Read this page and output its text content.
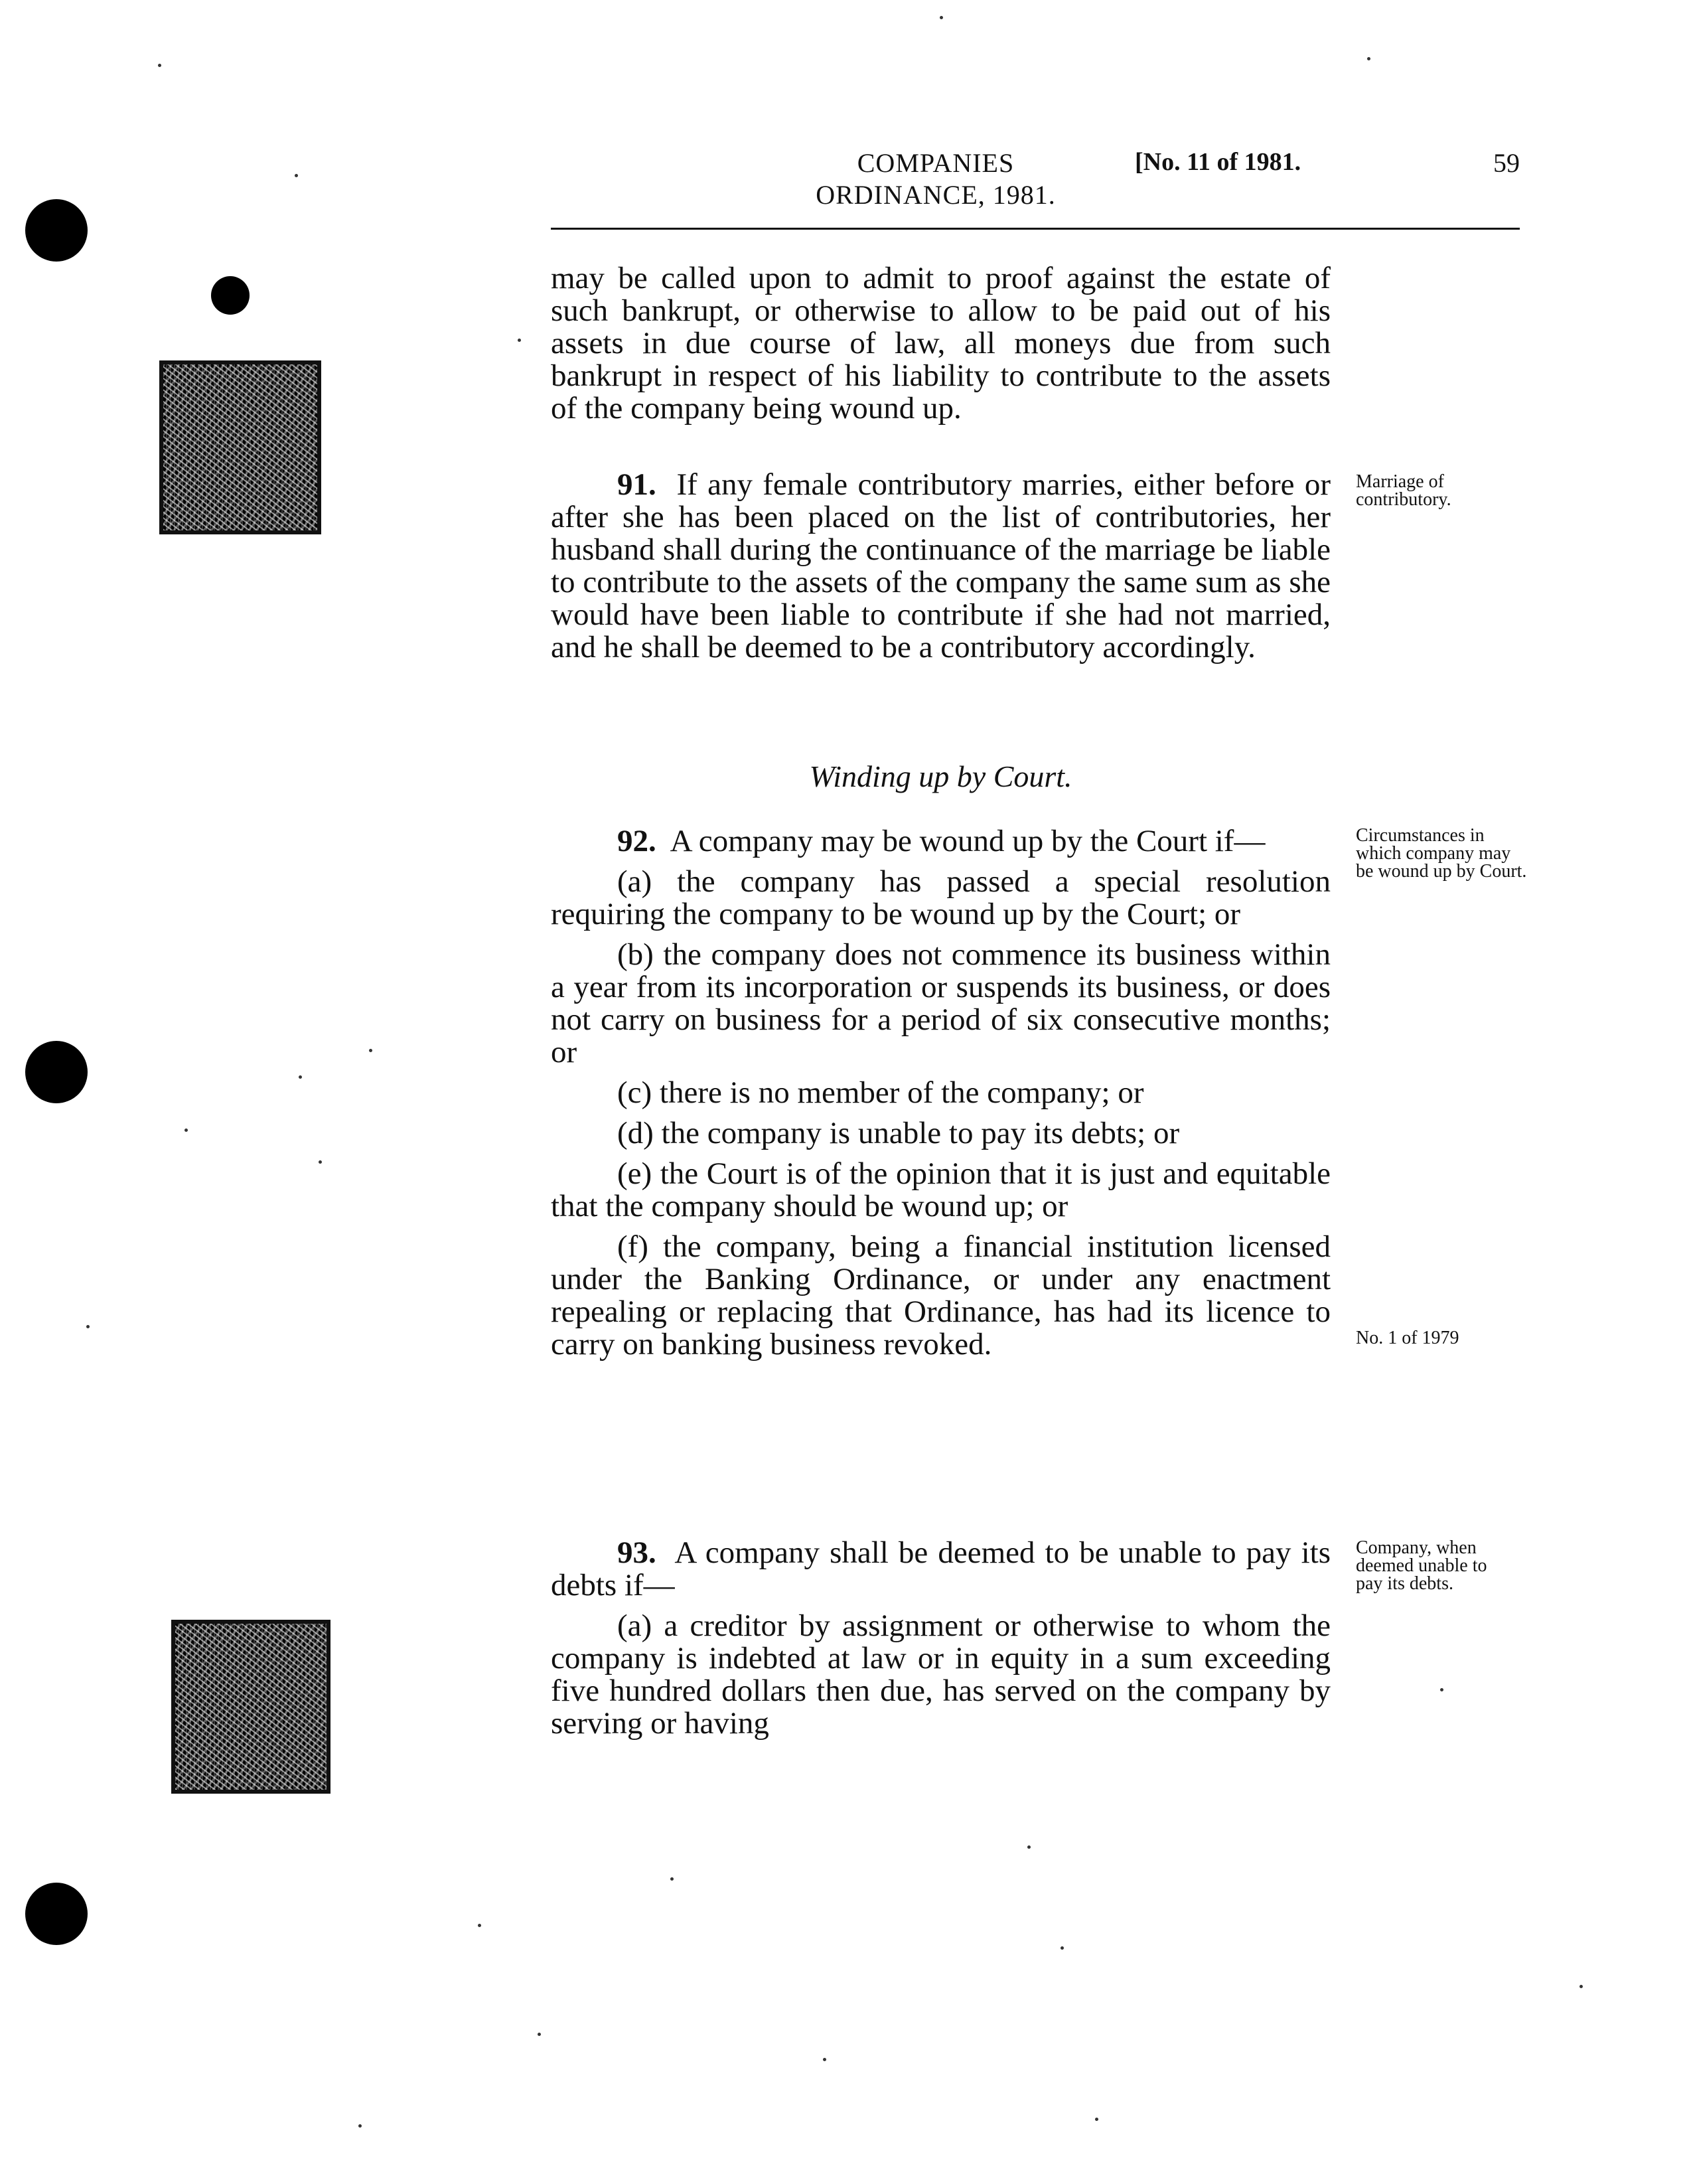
COMPANIES
ORDINANCE, 1981.
[No. 11 of 1981.	59

may be called upon to admit to proof against the estate of such bankrupt, or otherwise to allow to be paid out of his assets in due course of law, all moneys due from such bankrupt in respect of his liability to contribute to the assets of the company being wound up.

91. If any female contributory marries, either before or after she has been placed on the list of contributories, her husband shall during the continuance of the marriage be liable to contribute to the assets of the company the same sum as she would have been liable to contribute if she had not married, and he shall be deemed to be a contributory accordingly.

Marriage of contributory.
Winding up by Court.

92. A company may be wound up by the Court if—

(a) the company has passed a special resolution requiring the company to be wound up by the Court; or

(b) the company does not commence its business within a year from its incorporation or suspends its business, or does not carry on business for a period of six consecutive months; or

(c) there is no member of the company; or

(d) the company is unable to pay its debts; or

(e) the Court is of the opinion that it is just and equitable that the company should be wound up; or

(f) the company, being a financial institution licensed under the Banking Ordinance, or under any enactment repealing or replacing that Ordinance, has had its licence to carry on banking business revoked.

Circumstances in which company may be wound up by Court.
No. 1 of 1979

93. A company shall be deemed to be unable to pay its debts if—

(a) a creditor by assignment or otherwise to whom the company is indebted at law or in equity in a sum exceeding five hundred dollars then due, has served on the company by serving or having

Company, when deemed unable to pay its debts.
